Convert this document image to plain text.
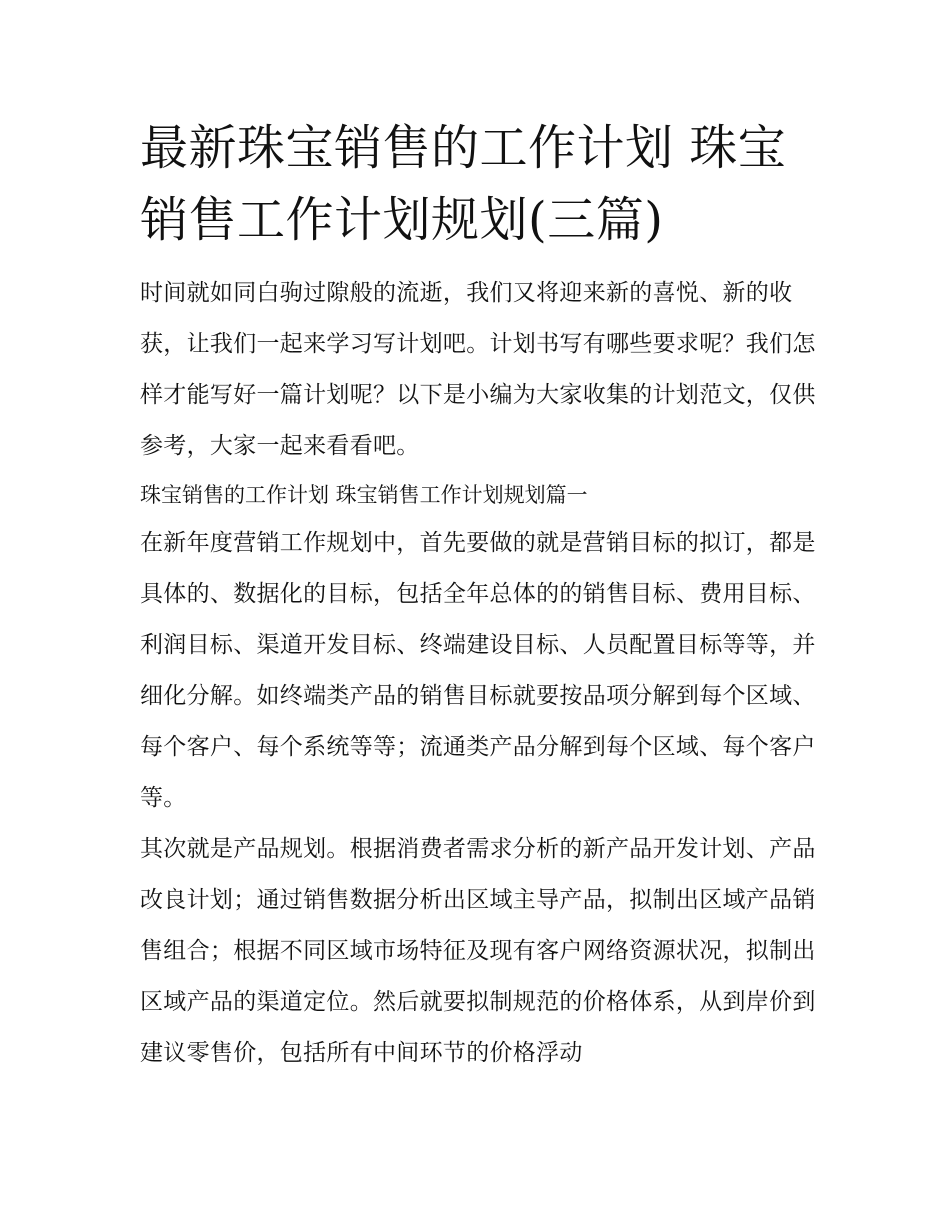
最新珠宝销售的工作计划 珠宝销售工作计划规划(三篇)

时间就如同白驹过隙般的流逝，我们又将迎来新的喜悦、新的收获，让我们一起来学习写计划吧。计划书写有哪些要求呢？我们怎样才能写好一篇计划呢？以下是小编为大家收集的计划范文，仅供参考，大家一起来看看吧。

珠宝销售的工作计划 珠宝销售工作计划规划篇一

在新年度营销工作规划中，首先要做的就是营销目标的拟订，都是具体的、数据化的目标，包括全年总体的的销售目标、费用目标、利润目标、渠道开发目标、终端建设目标、人员配置目标等等，并细化分解。如终端类产品的销售目标就要按品项分解到每个区域、每个客户、每个系统等等；流通类产品分解到每个区域、每个客户等。

其次就是产品规划。根据消费者需求分析的新产品开发计划、产品改良计划；通过销售数据分析出区域主导产品，拟制出区域产品销售组合；根据不同区域市场特征及现有客户网络资源状况，拟制出区域产品的渠道定位。然后就要拟制规范的价格体系，从到岸价到建议零售价，包括所有中间环节的价格浮动
